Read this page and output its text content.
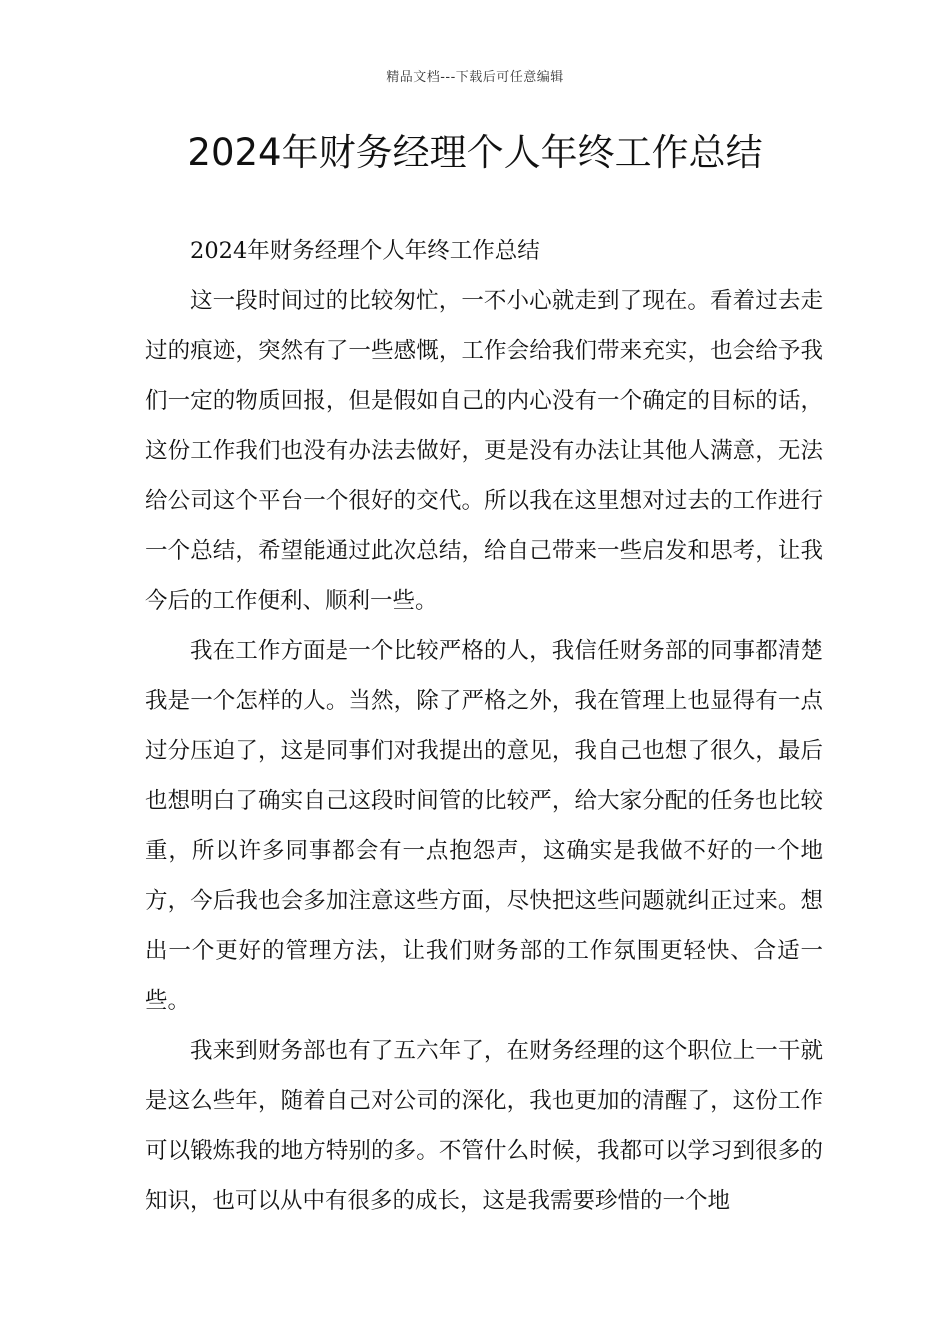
精品文档---下载后可任意编辑
2024年财务经理个人年终工作总结

2024年财务经理个人年终工作总结

这一段时间过的比较匆忙，一不小心就走到了现在。看着过去走过的痕迹，突然有了一些感慨，工作会给我们带来充实，也会给予我们一定的物质回报，但是假如自己的内心没有一个确定的目标的话，这份工作我们也没有办法去做好，更是没有办法让其他人满意，无法给公司这个平台一个很好的交代。所以我在这里想对过去的工作进行一个总结，希望能通过此次总结，给自己带来一些启发和思考，让我今后的工作便利、顺利一些。

我在工作方面是一个比较严格的人，我信任财务部的同事都清楚我是一个怎样的人。当然，除了严格之外，我在管理上也显得有一点过分压迫了，这是同事们对我提出的意见，我自己也想了很久，最后也想明白了确实自己这段时间管的比较严，给大家分配的任务也比较重，所以许多同事都会有一点抱怨声，这确实是我做不好的一个地方，今后我也会多加注意这些方面，尽快把这些问题就纠正过来。想出一个更好的管理方法，让我们财务部的工作氛围更轻快、合适一些。

我来到财务部也有了五六年了，在财务经理的这个职位上一干就是这么些年，随着自己对公司的深化，我也更加的清醒了，这份工作可以锻炼我的地方特别的多。不管什么时候，我都可以学习到很多的知识，也可以从中有很多的成长，这是我需要珍惜的一个地
